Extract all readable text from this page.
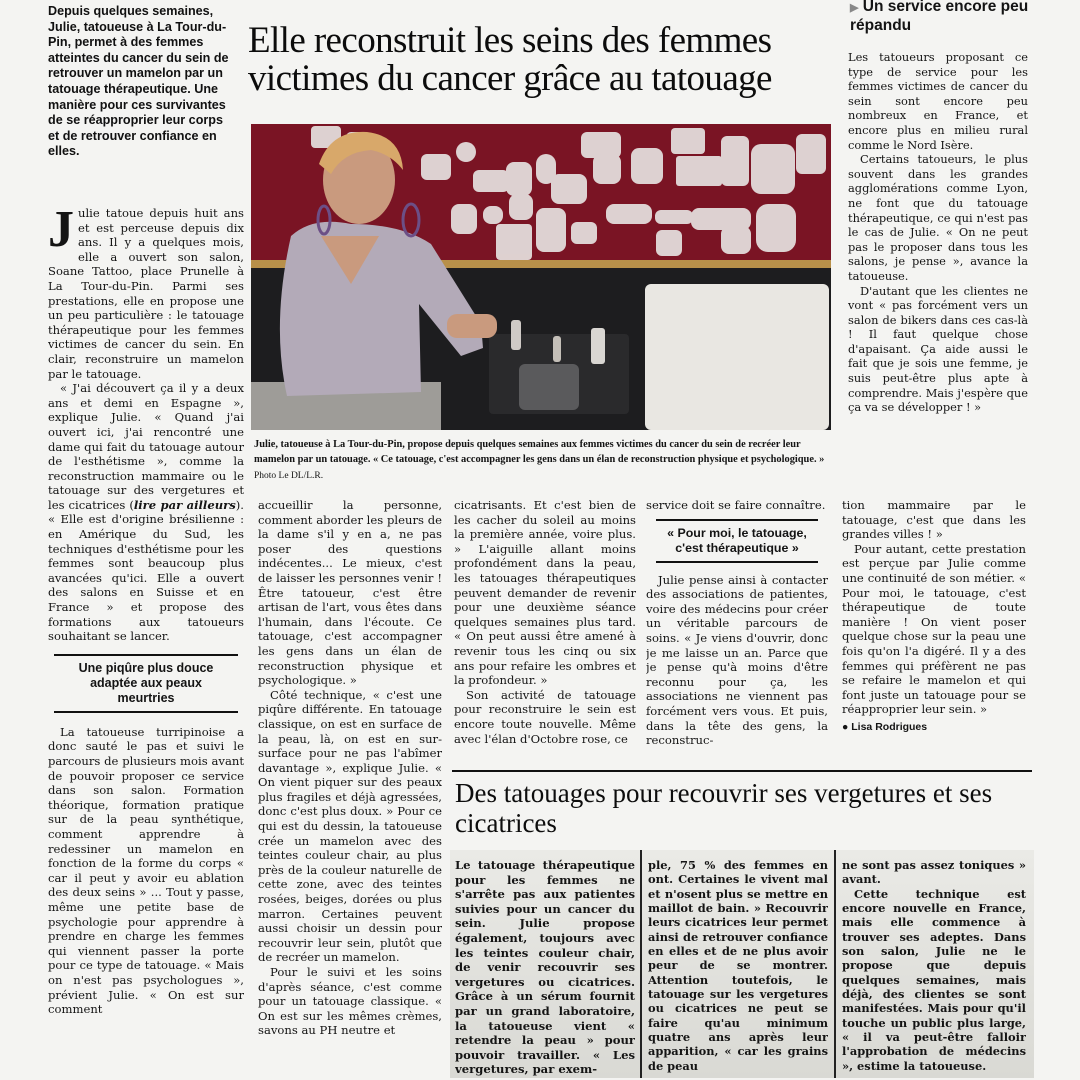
Depuis quelques semaines, Julie, tatoueuse à La Tour-du-Pin, permet à des femmes atteintes du cancer du sein de retrouver un mamelon par un tatouage thérapeutique. Une manière pour ces survivantes de se réapproprier leur corps et de retrouver confiance en elles.
Elle reconstruit les seins des femmes victimes du cancer grâce au tatouage
Julie, tatoueuse à La Tour-du-Pin, propose depuis quelques semaines aux femmes victimes du cancer du sein de recréer leur mamelon par un tatouage. « Ce tatouage, c'est accompagner les gens dans un élan de reconstruction physique et psychologique. » Photo Le DL/L.R.

Julie tatoue depuis huit ans et est perceuse depuis dix ans. Il y a quelques mois, elle a ouvert son salon, Soane Tattoo, place Prunelle à La Tour-du-Pin. Parmi ses prestations, elle en propose une un peu particulière : le tatouage thérapeutique pour les femmes victimes de cancer du sein. En clair, reconstruire un mamelon par le tatouage.

« J'ai découvert ça il y a deux ans et demi en Espagne », explique Julie. « Quand j'ai ouvert ici, j'ai rencontré une dame qui fait du tatouage autour de l'esthétisme », comme la reconstruction mammaire ou le tatouage sur des vergetures et les cicatrices (lire par ailleurs). « Elle est d'origine brésilienne : en Amérique du Sud, les techniques d'esthétisme pour les femmes sont beaucoup plus avancées qu'ici. Elle a ouvert des salons en Suisse et en France » et propose des formations aux tatoueurs souhaitant se lancer.

Une piqûre plus douce adaptée aux peaux meurtries

La tatoueuse turripinoise a donc sauté le pas et suivi le parcours de plusieurs mois avant de pouvoir proposer ce service dans son salon. Formation théorique, formation pratique sur de la peau synthétique, comment apprendre à redessiner un mamelon en fonction de la forme du corps « car il peut y avoir eu ablation des deux seins » ... Tout y passe, même une petite base de psychologie pour apprendre à prendre en charge les femmes qui viennent passer la porte pour ce type de tatouage. « Mais on n'est pas psychologues », prévient Julie. « On est sur comment

accueillir la personne, comment aborder les pleurs de la dame s'il y en a, ne pas poser des questions indécentes... Le mieux, c'est de laisser les personnes venir ! Être tatoueur, c'est être artisan de l'art, vous êtes dans l'humain, dans l'écoute. Ce tatouage, c'est accompagner les gens dans un élan de reconstruction physique et psychologique. »

Côté technique, « c'est une piqûre différente. En tatouage classique, on est en surface de la peau, là, on est en sur-surface pour ne pas l'abîmer davantage », explique Julie. « On vient piquer sur des peaux plus fragiles et déjà agressées, donc c'est plus doux. » Pour ce qui est du dessin, la tatoueuse crée un mamelon avec des teintes couleur chair, au plus près de la couleur naturelle de cette zone, avec des teintes rosées, beiges, dorées ou plus marron. Certaines peuvent aussi choisir un dessin pour recouvrir leur sein, plutôt que de recréer un mamelon.

Pour le suivi et les soins d'après séance, c'est comme pour un tatouage classique. « On est sur les mêmes crèmes, savons au PH neutre et

cicatrisants. Et c'est bien de les cacher du soleil au moins la première année, voire plus. » L'aiguille allant moins profondément dans la peau, les tatouages thérapeutiques peuvent demander de revenir pour une deuxième séance quelques semaines plus tard. « On peut aussi être amené à revenir tous les cinq ou six ans pour refaire les ombres et la profondeur. »

Son activité de tatouage pour reconstruire le sein est encore toute nouvelle. Même avec l'élan d'Octobre rose, ce

service doit se faire connaître.

« Pour moi, le tatouage, c'est thérapeutique »

Julie pense ainsi à contacter des associations de patientes, voire des médecins pour créer un véritable parcours de soins. « Je viens d'ouvrir, donc je me laisse un an. Parce que je pense qu'à moins d'être reconnu pour ça, les associations ne viennent pas forcément vers vous. Et puis, dans la tête des gens, la reconstruc-

tion mammaire par le tatouage, c'est que dans les grandes villes ! »

Pour autant, cette prestation est perçue par Julie comme une continuité de son métier. « Pour moi, le tatouage, c'est thérapeutique de toute manière ! On vient poser quelque chose sur la peau une fois qu'on l'a digéré. Il y a des femmes qui préfèrent ne pas se refaire le mamelon et qui font juste un tatouage pour se réapproprier leur sein. »

● Lisa Rodrigues
▶ Un service encore peu répandu

Les tatoueurs proposant ce type de service pour les femmes victimes de cancer du sein sont encore peu nombreux en France, et encore plus en milieu rural comme le Nord Isère.

Certains tatoueurs, le plus souvent dans les grandes agglomérations comme Lyon, ne font que du tatouage thérapeutique, ce qui n'est pas le cas de Julie. « On ne peut pas le proposer dans tous les salons, je pense », avance la tatoueuse.

D'autant que les clientes ne vont « pas forcément vers un salon de bikers dans ces cas-là ! Il faut quelque chose d'apaisant. Ça aide aussi le fait que je sois une femme, je suis peut-être plus apte à comprendre. Mais j'espère que ça va se développer ! »

Des tatouages pour recouvrir ses vergetures et ses cicatrices

Le tatouage thérapeutique pour les femmes ne s'arrête pas aux patientes suivies pour un cancer du sein. Julie propose également, toujours avec les teintes couleur chair, de venir recouvrir ses vergetures ou cicatrices. Grâce à un sérum fournit par un grand laboratoire, la tatoueuse vient « retendre la peau » pour pouvoir travailler. « Les vergetures, par exem-

ple, 75 % des femmes en ont. Certaines le vivent mal et n'osent plus se mettre en maillot de bain. » Recouvrir leurs cicatrices leur permet ainsi de retrouver confiance en elles et de ne plus avoir peur de se montrer. Attention toutefois, le tatouage sur les vergetures ou cicatrices ne peut se faire qu'au minimum quatre ans après leur apparition, « car les grains de peau

ne sont pas assez toniques » avant.

Cette technique est encore nouvelle en France, mais elle commence à trouver ses adeptes. Dans son salon, Julie ne le propose que depuis quelques semaines, mais déjà, des clientes se sont manifestées. Mais pour qu'il touche un public plus large, « il va peut-être falloir l'approbation de médecins », estime la tatoueuse.
